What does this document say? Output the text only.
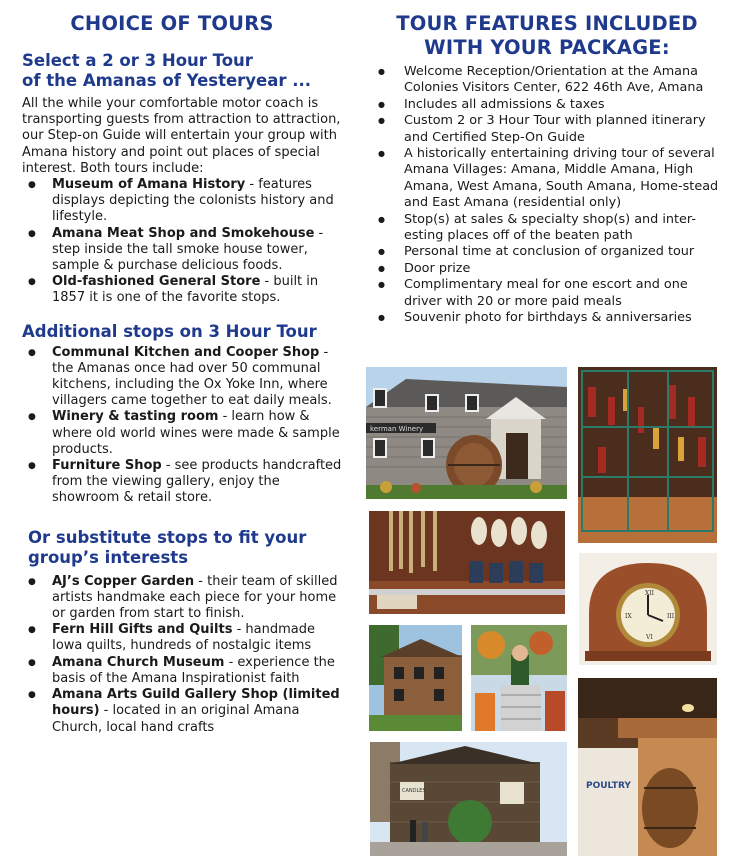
CHOICE OF TOURS
Select a 2 or 3 Hour Tour
of the Amanas of Yesteryear ...

All the while your comfortable motor coach is transporting guests from attraction to attraction, our Step-on Guide will entertain your group with Amana history and point out places of special interest. Both tours include:

● Museum of Amana History - features displays depicting the colonists history and lifestyle.
● Amana Meat Shop and Smokehouse - step inside the tall smoke house tower, sample & purchase delicious foods.
● Old-fashioned General Store - built in 1857 it is one of the favorite stops.
Additional stops on 3 Hour Tour
● Communal Kitchen and Cooper Shop - the Amanas once had over 50 communal kitchens, including the Ox Yoke Inn, where villagers came together to eat daily meals.
● Winery & tasting room - learn how & where old world wines were made & sample products.
● Furniture Shop - see products handcrafted from the viewing gallery, enjoy the showroom & retail store.
Or substitute stops to fit your
group’s interests
● AJ’s Copper Garden - their team of skilled artists handmake each piece for your home or garden from start to finish.
● Fern Hill Gifts and Quilts - handmade Iowa quilts, hundreds of nostalgic items
● Amana Church Museum - experience the basis of the Amana Inspirationist faith
● Amana Arts Guild Gallery Shop (limited hours) - located in an original Amana Church, local hand crafts
TOUR FEATURES INCLUDED
WITH YOUR PACKAGE:
● Welcome Reception/Orientation at the Amana Colonies Visitors Center, 622 46th Ave, Amana
● Includes all admissions & taxes
● Custom 2 or 3 Hour Tour with planned itinerary and Certified Step-On Guide
● A historically entertaining driving tour of several Amana Villages: Amana, Middle Amana, High Amana, West Amana, South Amana, Home-stead and East Amana (residential only)
● Stop(s) at sales & specialty shop(s) and inter-esting places off of the beaten path
● Personal time at conclusion of organized tour
● Door prize
● Complimentary meal for one escort and one driver with 20 or more paid meals
● Souvenir photo for birthdays & anniversaries
kerman Winery
XII
III
VI
IX
POULTRY
CANDLES
